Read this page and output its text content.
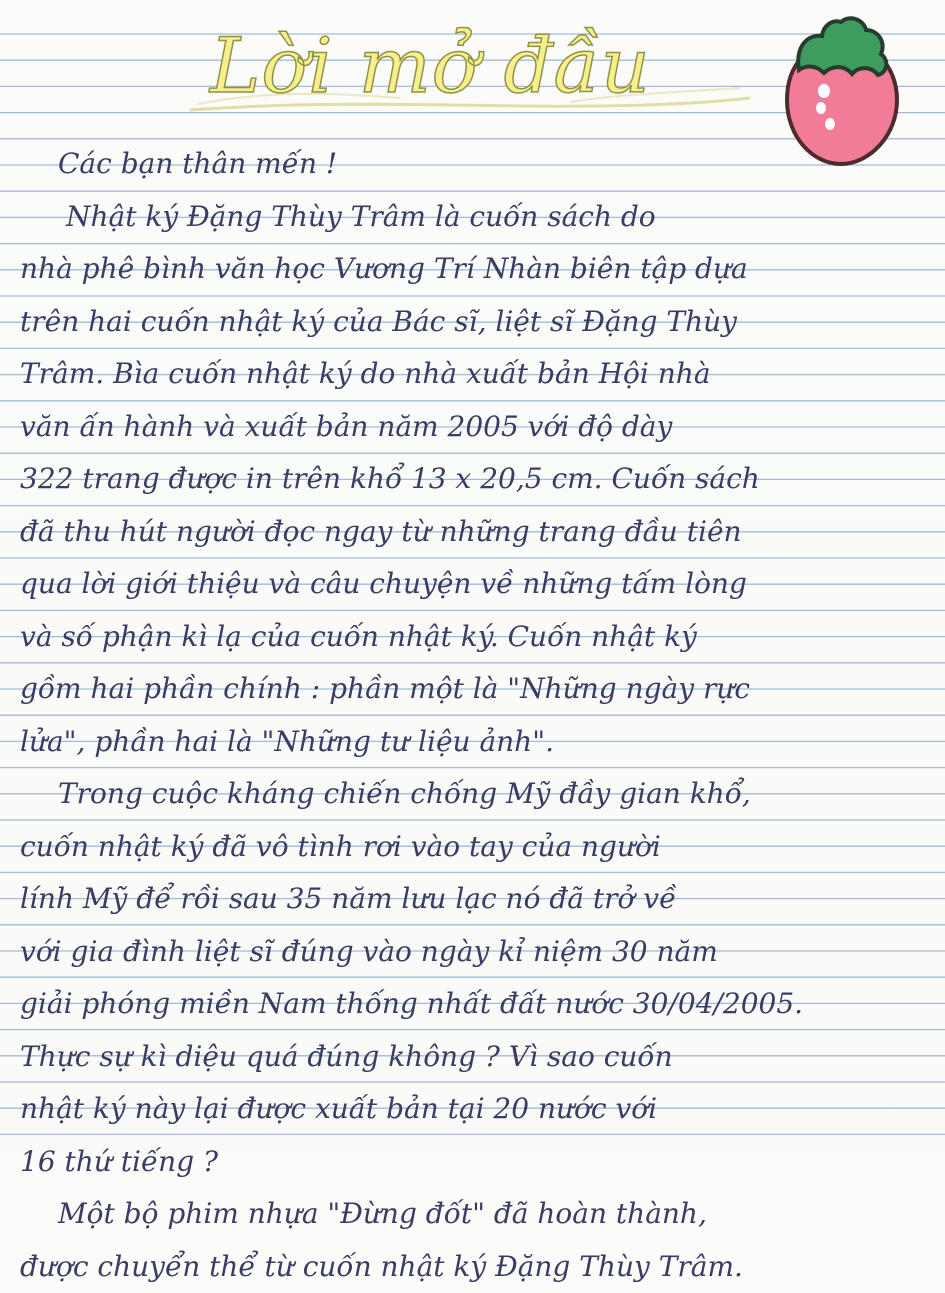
Lời mở đầu
Các bạn thân mến !
Nhật ký Đặng Thùy Trâm là cuốn sách do
nhà phê bình văn học Vương Trí Nhàn biên tập dựa
trên hai cuốn nhật ký của Bác sĩ, liệt sĩ Đặng Thùy
Trâm. Bìa cuốn nhật ký do nhà xuất bản Hội nhà
văn ấn hành và xuất bản năm 2005 với độ dày
322 trang được in trên khổ 13 x 20,5 cm. Cuốn sách
đã thu hút người đọc ngay từ những trang đầu tiên
qua lời giới thiệu và câu chuyện về những tấm lòng
và số phận kì lạ của cuốn nhật ký. Cuốn nhật ký
gồm hai phần chính : phần một là "Những ngày rực
lửa", phần hai là "Những tư liệu ảnh".
Trong cuộc kháng chiến chống Mỹ đầy gian khổ,
cuốn nhật ký đã vô tình rơi vào tay của người
lính Mỹ để rồi sau 35 năm lưu lạc nó đã trở về
với gia đình liệt sĩ đúng vào ngày kỉ niệm 30 năm
giải phóng miền Nam thống nhất đất nước 30/04/2005.
Thực sự kì diệu quá đúng không ? Vì sao cuốn
nhật ký này lại được xuất bản tại 20 nước với
16 thứ tiếng ?
Một bộ phim nhựa "Đừng đốt" đã hoàn thành,
được chuyển thể từ cuốn nhật ký Đặng Thùy Trâm.
